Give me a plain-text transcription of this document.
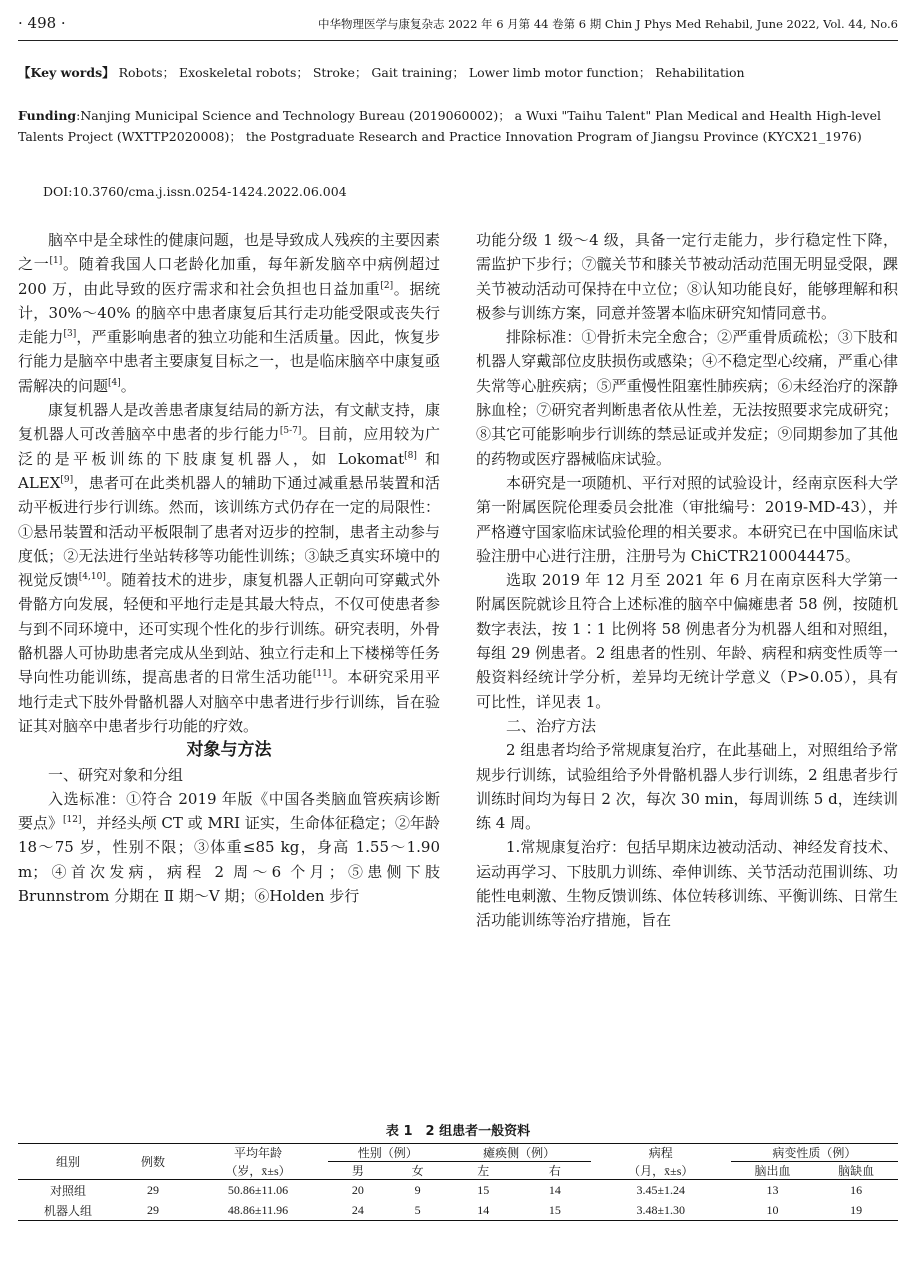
· 498 ·	中华物理医学与康复杂志 2022 年 6 月第 44 卷第 6 期 Chin J Phys Med Rehabil, June 2022, Vol. 44, No.6

【Key words】 Robots； Exoskeletal robots； Stroke； Gait training； Lower limb motor function； Rehabilitation

Funding:Nanjing Municipal Science and Technology Bureau (2019060002)； a Wuxi "Taihu Talent" Plan Medical and Health High-level Talents Project (WXTTP2020008)； the Postgraduate Research and Practice Innovation Program of Jiangsu Province (KYCX21_1976)

DOI:10.3760/cma.j.issn.0254-1424.2022.06.004

脑卒中是全球性的健康问题，也是导致成人残疾的主要因素之一[1]。随着我国人口老龄化加重，每年新发脑卒中病例超过 200 万，由此导致的医疗需求和社会负担也日益加重[2]。据统计，30%～40% 的脑卒中患者康复后其行走功能受限或丧失行走能力[3]，严重影响患者的独立功能和生活质量。因此，恢复步行能力是脑卒中患者主要康复目标之一，也是临床脑卒中康复亟需解决的问题[4]。

康复机器人是改善患者康复结局的新方法，有文献支持，康复机器人可改善脑卒中患者的步行能力[5-7]。目前，应用较为广泛的是平板训练的下肢康复机器人，如 Lokomat[8] 和 ALEX[9]，患者可在此类机器人的辅助下通过减重悬吊装置和活动平板进行步行训练。然而，该训练方式仍存在一定的局限性：①悬吊装置和活动平板限制了患者对迈步的控制，患者主动参与度低；②无法进行坐站转移等功能性训练；③缺乏真实环境中的视觉反馈[4,10]。随着技术的进步，康复机器人正朝向可穿戴式外骨骼方向发展，轻便和平地行走是其最大特点，不仅可使患者参与到不同环境中，还可实现个性化的步行训练。研究表明，外骨骼机器人可协助患者完成从坐到站、独立行走和上下楼梯等任务导向性功能训练，提高患者的日常生活功能[11]。本研究采用平地行走式下肢外骨骼机器人对脑卒中患者进行步行训练，旨在验证其对脑卒中患者步行功能的疗效。

对象与方法

一、研究对象和分组

入选标准：①符合 2019 年版《中国各类脑血管疾病诊断要点》[12]，并经头颅 CT 或 MRI 证实，生命体征稳定；②年龄 18～75 岁，性别不限；③体重≤85 kg，身高 1.55～1.90 m；④首次发病，病程 2 周～6 个月；⑤患侧下肢 Brunnstrom 分期在 Ⅱ 期～Ⅴ 期；⑥Holden 步行

功能分级 1 级～4 级，具备一定行走能力，步行稳定性下降，需监护下步行；⑦髋关节和膝关节被动活动范围无明显受限，踝关节被动活动可保持在中立位；⑧认知功能良好，能够理解和积极参与训练方案，同意并签署本临床研究知情同意书。

排除标准：①骨折未完全愈合；②严重骨质疏松；③下肢和机器人穿戴部位皮肤损伤或感染；④不稳定型心绞痛，严重心律失常等心脏疾病；⑤严重慢性阻塞性肺疾病；⑥未经治疗的深静脉血栓；⑦研究者判断患者依从性差，无法按照要求完成研究；⑧其它可能影响步行训练的禁忌证或并发症；⑨同期参加了其他的药物或医疗器械临床试验。

本研究是一项随机、平行对照的试验设计，经南京医科大学第一附属医院伦理委员会批准（审批编号：2019-MD-43），并严格遵守国家临床试验伦理的相关要求。本研究已在中国临床试验注册中心进行注册，注册号为 ChiCTR2100044475。

选取 2019 年 12 月至 2021 年 6 月在南京医科大学第一附属医院就诊且符合上述标准的脑卒中偏瘫患者 58 例，按随机数字表法，按 1∶1 比例将 58 例患者分为机器人组和对照组，每组 29 例患者。2 组患者的性别、年龄、病程和病变性质等一般资料经统计学分析，差异均无统计学意义（P>0.05），具有可比性，详见表 1。

二、治疗方法

2 组患者均给予常规康复治疗，在此基础上，对照组给予常规步行训练，试验组给予外骨骼机器人步行训练，2 组患者步行训练时间均为每日 2 次，每次 30 min，每周训练 5 d，连续训练 4 周。

1.常规康复治疗：包括早期床边被动活动、神经发育技术、运动再学习、下肢肌力训练、牵伸训练、关节活动范围训练、功能性电刺激、生物反馈训练、体位转移训练、平衡训练、日常生活功能训练等治疗措施，旨在

表 1　2 组患者一般资料
组别	例数	平均年龄	性别（例）		瘫痪侧（例）		病程	病变性质（例）	
		（岁，x̄±s）	男	女	左	右	（月，x̄±s）	脑出血	脑缺血
对照组	29	50.86±11.06	20	9	15	14	3.45±1.24	13	16
机器人组	29	48.86±11.96	24	5	14	15	3.48±1.30	10	19
